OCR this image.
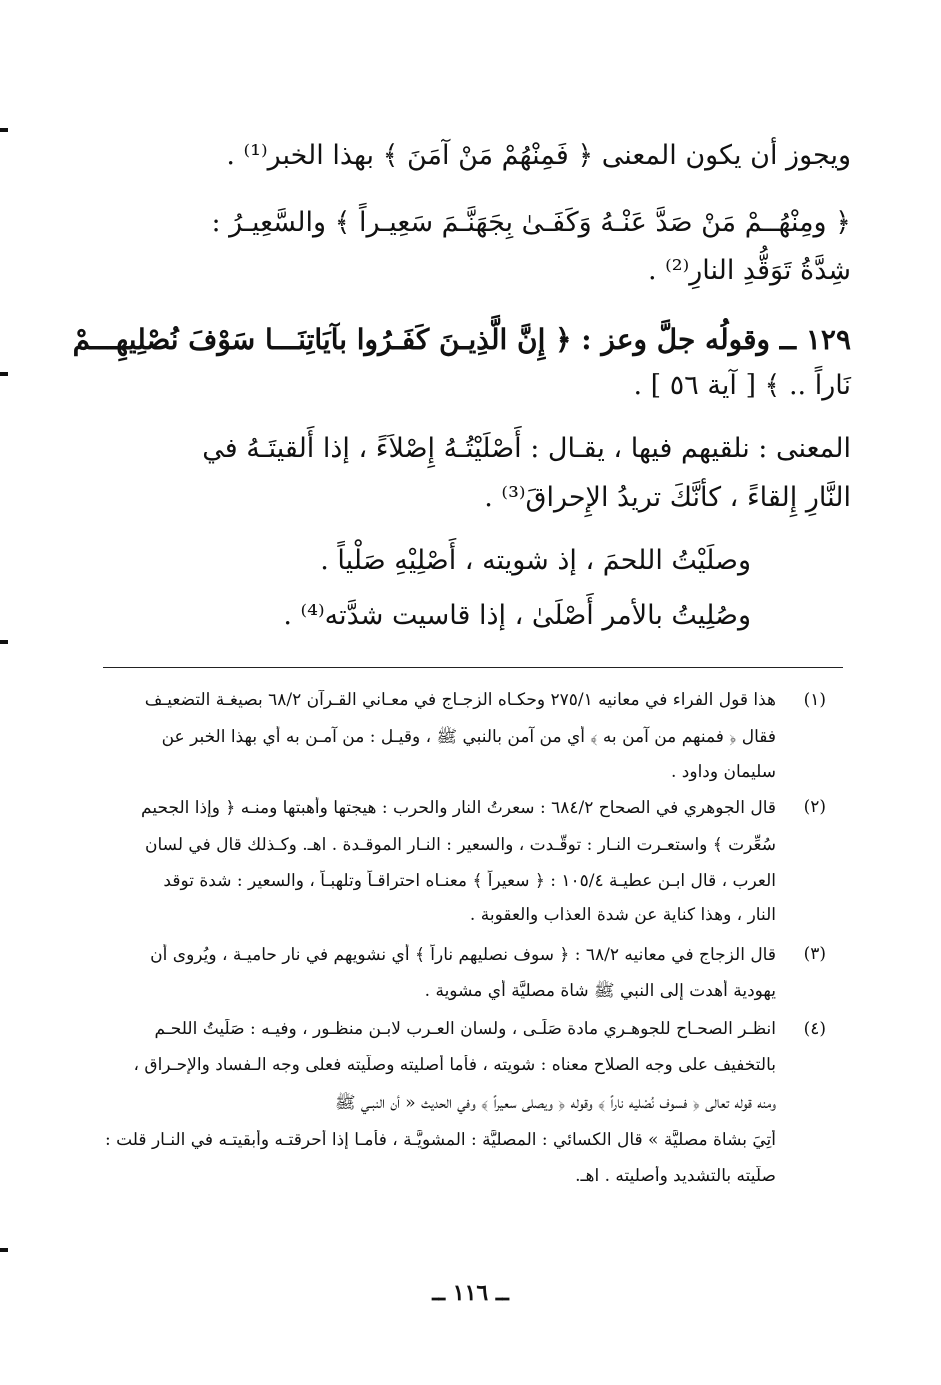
ويجوز أن يكون المعنى ﴿ فَمِنْهُمْ مَنْ آمَنَ ﴾ بهذا الخبر⁽¹⁾ .
﴿ ومِنْهُــمْ مَنْ صَدَّ عَنْـهُ وَكَفَـىٰ بِجَهَنَّـمَ سَعِيـراً ﴾ والسَّعِيـرُ :
شِدَّةُ تَوَقُّدِ النارِ⁽²⁾ .
١٢٩ ــ وقولُه جلَّ وعز : ﴿ إِنَّ الَّذِيـنَ كَفَـرُوا بآيَاتِنَـــا سَوْفَ نُصْلِيهِـــمْ
نَاراً .. ﴾ [ آية ٥٦ ] .
المعنى : نلقيهم فيها ، يقـال : أَصْلَيْتُـهُ إِصْلاَءً ، إذا أَلقيتَـهُ في
النَّارِ إِلقاءً ، كأنَّكَ تريدُ الإِحراقَ⁽³⁾ .
وصلَيْتُ اللحمَ ، إذ شويته ، أَصْلِيْهِ صَلْياً .
وصُلِيتُ بالأمر أَصْلَىٰ ، إذا قاسيت شدَّته⁽⁴⁾ .
(١)
هذا قول الفراء في معانيه ٢٧٥/١ وحكـاه الزجـاج في معـاني القـرآن ٦٨/٢ بصيغـة التضعيـف
فقال ﴿ فمنهم من آمن به ﴾ أي من آمن بالنبي ﷺ ، وقيـل : من آمـن به أي بهذا الخبر عن
سليمان وداود .
(٢)
قال الجوهري في الصحاح ٦٨٤/٢ : سعرتُ النار والحرب : هيجتها وأهبتها ومنـه ﴿ وإذا الجحيم
سُعِّرت ﴾ واستعـرت النـار : توقَّـدت ، والسعير : النـار الموقـدة . اهـ. وكـذلك قال في لسان
العرب ، قال ابـن عطيـة ١٠٥/٤ : ﴿ سعيراً ﴾ معنـاه احتراقـاً وتلهبـاً ، والسعير : شدة توقد
النار ، وهذا كناية عن شدة العذاب والعقوبة .
(٣)
قال الزجاج في معانيه ٦٨/٢ : ﴿ سوف نصليهم ناراً ﴾ أي نشويهم في نار حاميـة ، ويُروى أن
يهودية أهدت إلى النبي ﷺ شاة مصليَّة أي مشوية .
(٤)
انظـر الصحـاح للجوهـري مادة صَلَـى ، ولسان العـرب لابـن منظـور ، وفيـه : صَلَيتُ اللحـم
بالتخفيف على وجه الصلاح معناه : شويته ، فأما أصليته وصلَّيته فعلى وجه الـفساد والإحـراق ،
ومنه قوله تعالى ﴿ فسوف نُصْليه ناراً ﴾ وقوله ﴿ ويصلى سعيراً ﴾ وفي الحديث « أن النبـي ﷺ
أُتِيَ بشاة مصليَّة » قال الكسائي : المصليَّة : المشويَّـة ، فأمـا إذا أحرقتـه وأبقيتـه في النـار قلت :
صلَّيته بالتشديد وأصليته . اهـ.
ــ ١١٦ ــ
